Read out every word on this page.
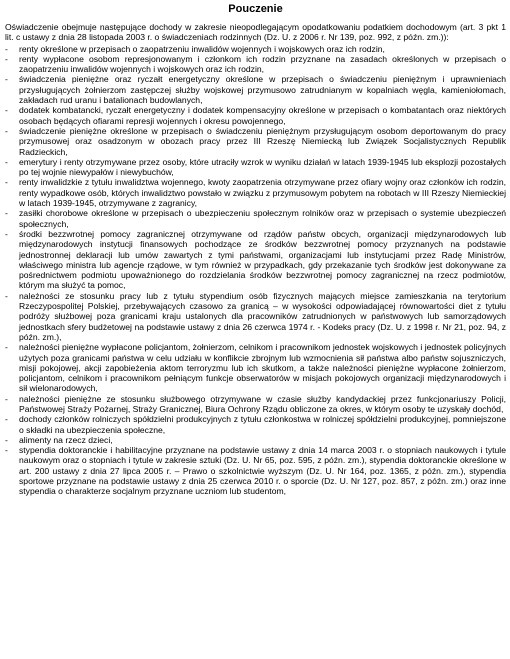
Pouczenie

Oświadczenie obejmuje następujące dochody w zakresie nieopodlegającym opodatkowaniu podatkiem dochodowym (art. 3 pkt 1 lit. c ustawy z dnia 28 listopada 2003 r. o świadczeniach rodzinnych (Dz. U. z 2006 r. Nr 139, poz. 992, z późn. zm.)):

-	renty określone w przepisach o zaopatrzeniu inwalidów wojennych i wojskowych oraz ich rodzin,
-	renty wypłacone osobom represjonowanym i członkom ich rodzin przyznane na zasadach określonych w przepisach o zaopatrzeniu inwalidów wojennych i wojskowych oraz ich rodzin,
-	świadczenia pieniężne oraz ryczałt energetyczny określone w przepisach o świadczeniu pieniężnym i uprawnieniach przysługujących żołnierzom zastępczej służby wojskowej przymusowo zatrudnianym w kopalniach węgla, kamieniołomach, zakładach rud uranu i batalionach budowlanych,
-	dodatek kombatancki, ryczałt energetyczny i dodatek kompensacyjny określone w przepisach o kombatantach oraz niektórych osobach będących ofiarami represji wojennych i okresu powojennego,
-	świadczenie pieniężne określone w przepisach o świadczeniu pieniężnym przysługującym osobom deportowanym do pracy przymusowej oraz osadzonym w obozach pracy przez III Rzeszę Niemiecką lub Związek Socjalistycznych Republik Radzieckich,
-	emerytury i renty otrzymywane przez osoby, które utraciły wzrok w wyniku działań w latach 1939-1945 lub eksplozji pozostałych po tej wojnie niewypałów i niewybuchów,
-	renty inwalidzkie z tytułu inwalidztwa wojennego, kwoty zaopatrzenia otrzymywane przez ofiary wojny oraz członków ich rodzin, renty wypadkowe osób, których inwalidztwo powstało w związku z przymusowym pobytem na robotach w III Rzeszy Niemieckiej w latach 1939-1945, otrzymywane z zagranicy,
-	zasiłki chorobowe określone w przepisach o ubezpieczeniu społecznym rolników oraz w przepisach o systemie ubezpieczeń społecznych,
-	środki bezzwrotnej pomocy zagranicznej otrzymywane od rządów państw obcych, organizacji międzynarodowych lub międzynarodowych instytucji finansowych pochodzące ze środków bezzwrotnej pomocy przyznanych na podstawie jednostronnej deklaracji lub umów zawartych z tymi państwami, organizacjami lub instytucjami przez Radę Ministrów, właściwego ministra lub agencje rządowe, w tym również w przypadkach, gdy przekazanie tych środków jest dokonywane za pośrednictwem podmiotu upoważnionego do rozdzielania środków bezzwrotnej pomocy zagranicznej na rzecz podmiotów, którym ma służyć ta pomoc,
-	należności ze stosunku pracy lub z tytułu stypendium osób fizycznych mających miejsce zamieszkania na terytorium Rzeczypospolitej Polskiej, przebywających czasowo za granicą – w wysokości odpowiadającej równowartości diet z tytułu podróży służbowej poza granicami kraju ustalonych dla pracowników zatrudnionych w państwowych lub samorządowych jednostkach sfery budżetowej na podstawie ustawy z dnia 26 czerwca 1974 r. - Kodeks pracy (Dz. U. z 1998 r. Nr 21, poz. 94, z późn. zm.),
-	należności pieniężne wypłacone policjantom, żołnierzom, celnikom i pracownikom jednostek wojskowych i jednostek policyjnych użytych poza granicami państwa w celu udziału w konflikcie zbrojnym lub wzmocnienia sił państwa albo państw sojuszniczych, misji pokojowej, akcji zapobieżenia aktom terroryzmu lub ich skutkom, a także należności pieniężne wypłacone żołnierzom, policjantom, celnikom i pracownikom pełniącym funkcje obserwatorów w misjach pokojowych organizacji międzynarodowych i sił wielonarodowych,
-	należności pieniężne ze stosunku służbowego otrzymywane w czasie służby kandydackiej przez funkcjonariuszy Policji, Państwowej Straży Pożarnej, Straży Granicznej, Biura Ochrony Rządu obliczone za okres, w którym osoby te uzyskały dochód,
-	dochody członków rolniczych spółdzielni produkcyjnych z tytułu członkostwa w rolniczej spółdzielni produkcyjnej, pomniejszone o składki na ubezpieczenia społeczne,
-	alimenty na rzecz dzieci,
-	stypendia doktoranckie i habilitacyjne przyznane na podstawie ustawy z dnia 14 marca 2003 r. o stopniach naukowych i tytule naukowym oraz o stopniach i tytule w zakresie sztuki (Dz. U. Nr 65, poz. 595, z późn. zm.), stypendia doktoranckie określone w art. 200 ustawy z dnia 27 lipca 2005 r. – Prawo o szkolnictwie wyższym (Dz. U. Nr 164, poz. 1365, z późn. zm.), stypendia sportowe przyznane na podstawie ustawy z dnia 25 czerwca 2010 r. o sporcie (Dz. U. Nr 127, poz. 857, z późn. zm.) oraz inne stypendia o charakterze socjalnym przyznane uczniom lub studentom,
